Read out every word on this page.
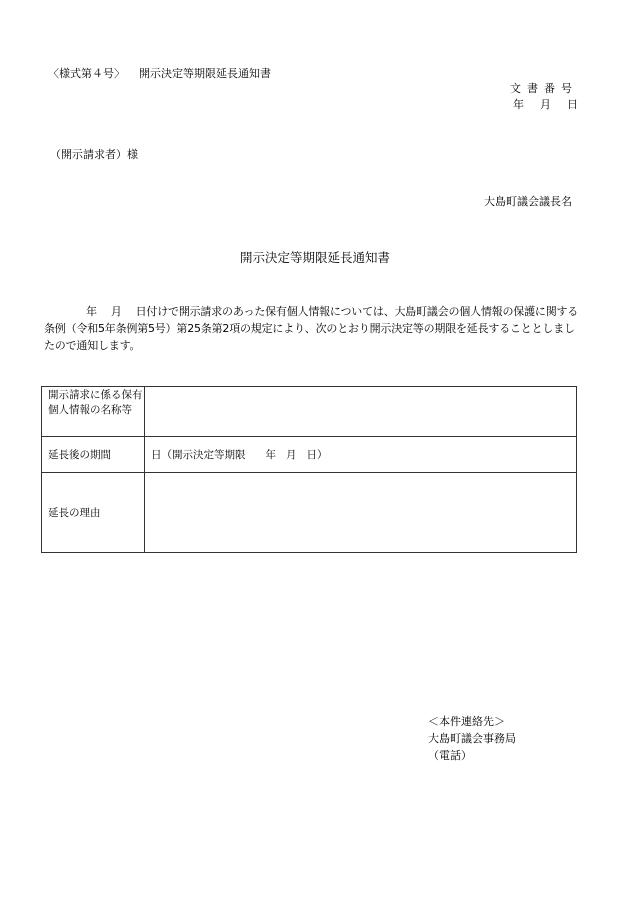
〈様式第４号〉 開示決定等期限延長通知書
文書番号
年 月 日
（開示請求者）様
大島町議会議長名
開示決定等期限延長通知書
年 月 日付けで開示請求のあった保有個人情報については、大島町議会の個人情報の保護に関する条例（令和5年条例第5号）第25条第2項の規定により、次のとおり開示決定等の期限を延長することとしましたので通知します。
開示請求に係る保有個人情報の名称等	
延長後の期間	日（開示決定等期限 年 月 日）
延長の理由	
＜本件連絡先＞
大島町議会事務局
（電話）
